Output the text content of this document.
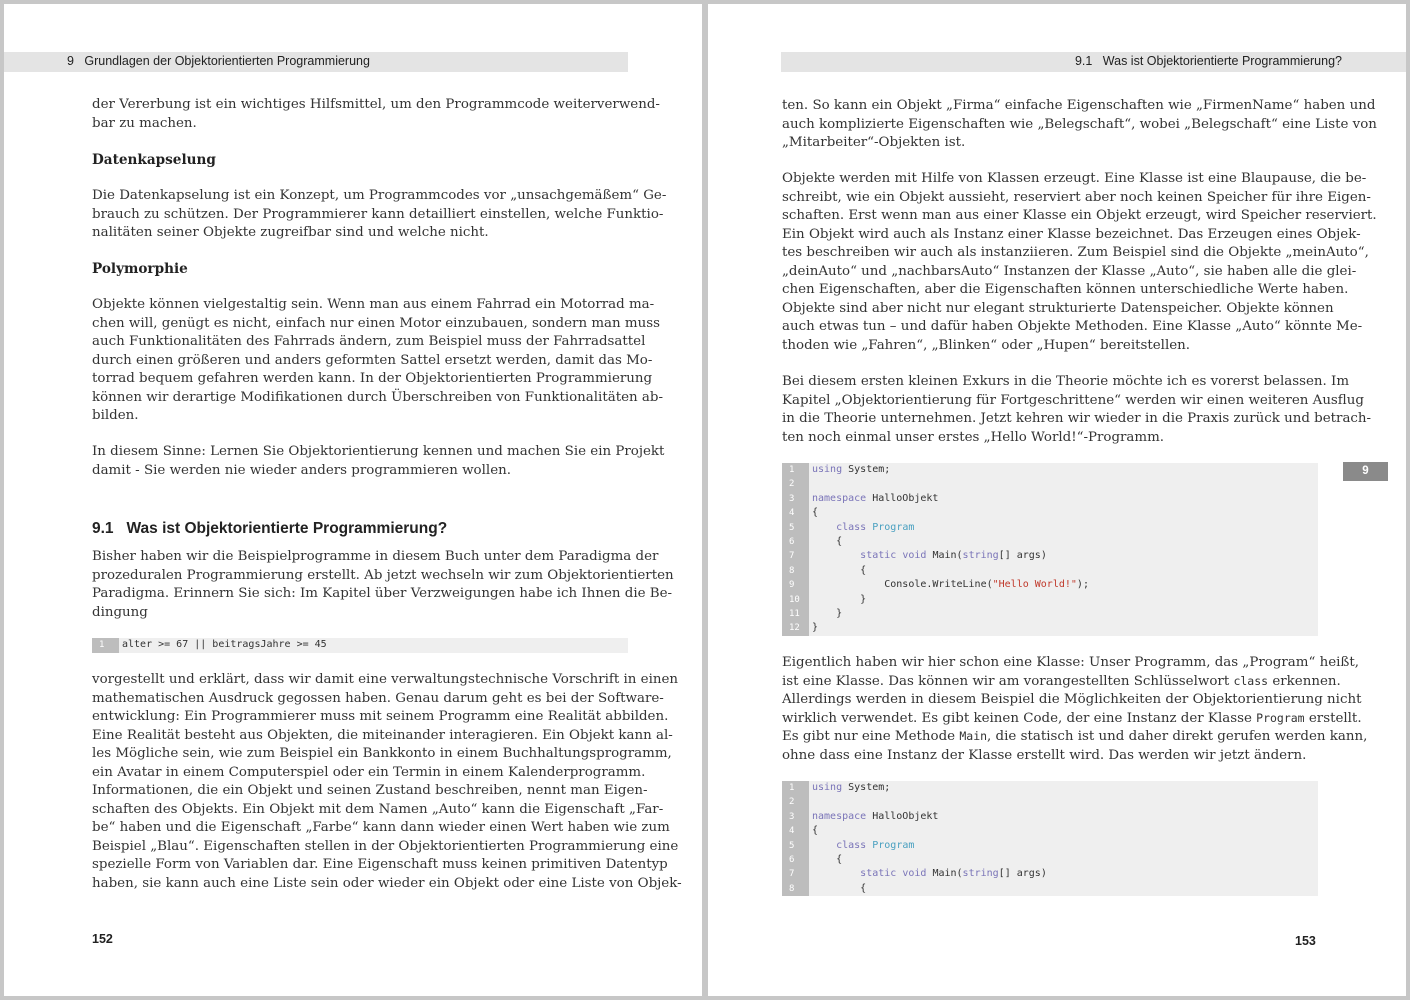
9 Grundlagen der Objektorientierten Programmierung
der Vererbung ist ein wichtiges Hilfsmittel, um den Programmcode weiterverwend-
bar zu machen.
Datenkapselung
Die Datenkapselung ist ein Konzept, um Programmcodes vor „unsachgemäßem“ Ge-
brauch zu schützen. Der Programmierer kann detailliert einstellen, welche Funktio-
nalitäten seiner Objekte zugreifbar sind und welche nicht.
Polymorphie
Objekte können vielgestaltig sein. Wenn man aus einem Fahrrad ein Motorrad ma-
chen will, genügt es nicht, einfach nur einen Motor einzubauen, sondern man muss
auch Funktionalitäten des Fahrrads ändern, zum Beispiel muss der Fahrradsattel
durch einen größeren und anders geformten Sattel ersetzt werden, damit das Mo-
torrad bequem gefahren werden kann. In der Objektorientierten Programmierung
können wir derartige Modifikationen durch Überschreiben von Funktionalitäten ab-
bilden.
In diesem Sinne: Lernen Sie Objektorientierung kennen und machen Sie ein Projekt
damit - Sie werden nie wieder anders programmieren wollen.
9.1 Was ist Objektorientierte Programmierung?
Bisher haben wir die Beispielprogramme in diesem Buch unter dem Paradigma der
prozeduralen Programmierung erstellt. Ab jetzt wechseln wir zum Objektorientierten
Paradigma. Erinnern Sie sich: Im Kapitel über Verzweigungen habe ich Ihnen die Be-
dingung
1 alter >= 67 || beitragsJahre >= 45
vorgestellt und erklärt, dass wir damit eine verwaltungstechnische Vorschrift in einen
mathematischen Ausdruck gegossen haben. Genau darum geht es bei der Software-
entwicklung: Ein Programmierer muss mit seinem Programm eine Realität abbilden.
Eine Realität besteht aus Objekten, die miteinander interagieren. Ein Objekt kann al-
les Mögliche sein, wie zum Beispiel ein Bankkonto in einem Buchhaltungsprogramm,
ein Avatar in einem Computerspiel oder ein Termin in einem Kalenderprogramm.
Informationen, die ein Objekt und seinen Zustand beschreiben, nennt man Eigen-
schaften des Objekts. Ein Objekt mit dem Namen „Auto“ kann die Eigenschaft „Far-
be“ haben und die Eigenschaft „Farbe“ kann dann wieder einen Wert haben wie zum
Beispiel „Blau“. Eigenschaften stellen in der Objektorientierten Programmierung eine
spezielle Form von Variablen dar. Eine Eigenschaft muss keinen primitiven Datentyp
haben, sie kann auch eine Liste sein oder wieder ein Objekt oder eine Liste von Objek-
152
9.1 Was ist Objektorientierte Programmierung?
ten. So kann ein Objekt „Firma“ einfache Eigenschaften wie „FirmenName“ haben und
auch komplizierte Eigenschaften wie „Belegschaft“, wobei „Belegschaft“ eine Liste von
„Mitarbeiter“-Objekten ist.
Objekte werden mit Hilfe von Klassen erzeugt. Eine Klasse ist eine Blaupause, die be-
schreibt, wie ein Objekt aussieht, reserviert aber noch keinen Speicher für ihre Eigen-
schaften. Erst wenn man aus einer Klasse ein Objekt erzeugt, wird Speicher reserviert.
Ein Objekt wird auch als Instanz einer Klasse bezeichnet. Das Erzeugen eines Objek-
tes beschreiben wir auch als instanziieren. Zum Beispiel sind die Objekte „meinAuto“,
„deinAuto“ und „nachbarsAuto“ Instanzen der Klasse „Auto“, sie haben alle die glei-
chen Eigenschaften, aber die Eigenschaften können unterschiedliche Werte haben.
Objekte sind aber nicht nur elegant strukturierte Datenspeicher. Objekte können
auch etwas tun – und dafür haben Objekte Methoden. Eine Klasse „Auto“ könnte Me-
thoden wie „Fahren“, „Blinken“ oder „Hupen“ bereitstellen.
Bei diesem ersten kleinen Exkurs in die Theorie möchte ich es vorerst belassen. Im
Kapitel „Objektorientierung für Fortgeschrittene“ werden wir einen weiteren Ausflug
in die Theorie unternehmen. Jetzt kehren wir wieder in die Praxis zurück und betrach-
ten noch einmal unser erstes „Hello World!“-Programm.
1 using System;
2
3 namespace HalloObjekt
4 {
5	class Program
6    {
7	static void Main(string[] args)
8        {
9            Console.WriteLine("Hello World!");
10        }
11    }
12 }
Eigentlich haben wir hier schon eine Klasse: Unser Programm, das „Program“ heißt,
ist eine Klasse. Das können wir am vorangestellten Schlüsselwort class erkennen.
Allerdings werden in diesem Beispiel die Möglichkeiten der Objektorientierung nicht
wirklich verwendet. Es gibt keinen Code, der eine Instanz der Klasse Program erstellt.
Es gibt nur eine Methode Main, die statisch ist und daher direkt gerufen werden kann,
ohne dass eine Instanz der Klasse erstellt wird. Das werden wir jetzt ändern.
1 using System;
2
3 namespace HalloObjekt
4 {
5	class Program
6    {
7	static void Main(string[] args)
8        {
153
9
